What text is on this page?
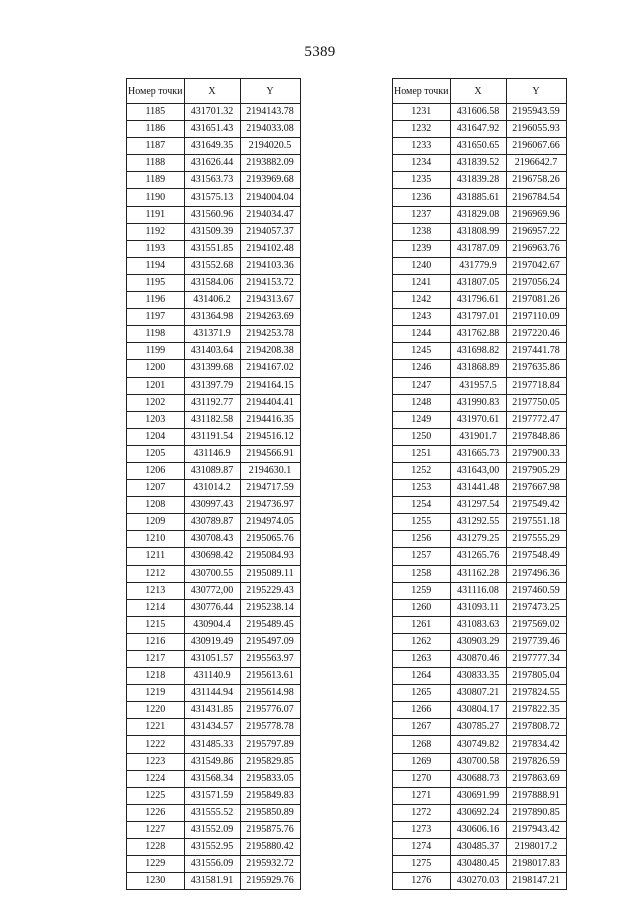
5389
Номер точки	X	Y
1185	431701.32	2194143.78
1186	431651.43	2194033.08
1187	431649.35	2194020.5
1188	431626.44	2193882.09
1189	431563.73	2193969.68
1190	431575.13	2194004.04
1191	431560.96	2194034.47
1192	431509.39	2194057.37
1193	431551.85	2194102.48
1194	431552.68	2194103.36
1195	431584.06	2194153.72
1196	431406.2	2194313.67
1197	431364.98	2194263.69
1198	431371.9	2194253.78
1199	431403.64	2194208.38
1200	431399.68	2194167.02
1201	431397.79	2194164.15
1202	431192.77	2194404.41
1203	431182.58	2194416.35
1204	431191.54	2194516.12
1205	431146.9	2194566.91
1206	431089.87	2194630.1
1207	431014.2	2194717.59
1208	430997.43	2194736.97
1209	430789.87	2194974.05
1210	430708.43	2195065.76
1211	430698.42	2195084.93
1212	430700.55	2195089.11
1213	430772,00	2195229.43
1214	430776.44	2195238.14
1215	430904.4	2195489.45
1216	430919.49	2195497.09
1217	431051.57	2195563.97
1218	431140.9	2195613.61
1219	431144.94	2195614.98
1220	431431.85	2195776.07
1221	431434.57	2195778.78
1222	431485.33	2195797.89
1223	431549.86	2195829.85
1224	431568.34	2195833.05
1225	431571.59	2195849.83
1226	431555.52	2195850.89
1227	431552.09	2195875.76
1228	431552.95	2195880.42
1229	431556.09	2195932.72
1230	431581.91	2195929.76
Номер точки	X	Y
1231	431606.58	2195943.59
1232	431647.92	2196055.93
1233	431650.65	2196067.66
1234	431839.52	2196642.7
1235	431839.28	2196758.26
1236	431885.61	2196784.54
1237	431829.08	2196969.96
1238	431808.99	2196957.22
1239	431787.09	2196963.76
1240	431779.9	2197042.67
1241	431807.05	2197056.24
1242	431796.61	2197081.26
1243	431797.01	2197110.09
1244	431762.88	2197220.46
1245	431698.82	2197441.78
1246	431868.89	2197635.86
1247	431957.5	2197718.84
1248	431990.83	2197750.05
1249	431970.61	2197772.47
1250	431901.7	2197848.86
1251	431665.73	2197900.33
1252	431643,00	2197905.29
1253	431441.48	2197667.98
1254	431297.54	2197549.42
1255	431292.55	2197551.18
1256	431279.25	2197555.29
1257	431265.76	2197548.49
1258	431162.28	2197496.36
1259	431116.08	2197460.59
1260	431093.11	2197473.25
1261	431083.63	2197569.02
1262	430903.29	2197739.46
1263	430870.46	2197777.34
1264	430833.35	2197805.04
1265	430807.21	2197824.55
1266	430804.17	2197822.35
1267	430785.27	2197808.72
1268	430749.82	2197834.42
1269	430700.58	2197826.59
1270	430688.73	2197863.69
1271	430691.99	2197888.91
1272	430692.24	2197890.85
1273	430606.16	2197943.42
1274	430485.37	2198017.2
1275	430480.45	2198017.83
1276	430270.03	2198147.21
